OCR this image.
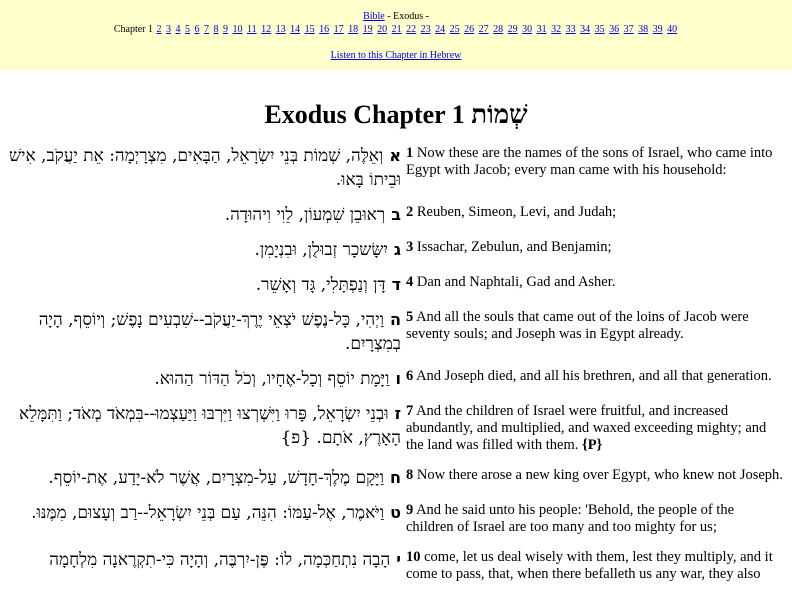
Bible - Exodus -
Chapter 1 2 3 4 5 6 7 8 9 10 11 12 13 14 15 16 17 18 19 20 21 22 23 24 25 26 27 28 29 30 31 32 33 34 35 36 37 38 39 40
Listen to this Chapter in Hebrew
Exodus Chapter 1 שְׁמוֹת
אוְאֵלֶּה, שְׁמוֹת בְּנֵי יִשְׂרָאֵל, הַבָּאִים, מִצְרָיְמָה: אֵת יַעֲקֹב, אִישׁ וּבֵיתוֹ בָּאוּ.	1 Now these are the names of the sons of Israel, who came into Egypt with Jacob; every man came with his household:
ברְאוּבֵן שִׁמְעוֹן, לֵוִי וִיהוּדָה.	2 Reuben, Simeon, Levi, and Judah;
גיִשָּׂשכָר זְבוּלֻן, וּבִנְיָמִן.	3 Issachar, Zebulun, and Benjamin;
דדָּן וְנַפְתָּלִי, גָּד וְאָשֵׁר.	4 Dan and Naphtali, Gad and Asher.
הוַיְהִי, כָּל-נֶפֶשׁ יֹצְאֵי יֶרֶךְ-יַעֲקֹב--שִׁבְעִים נָפֶשׁ; וְיוֹסֵף, הָיָה בְמִצְרָיִם.	5 And all the souls that came out of the loins of Jacob were seventy souls; and Joseph was in Egypt already.
ווַיָּמָת יוֹסֵף וְכָל-אֶחָיו, וְכֹל הַדּוֹר הַהוּא.	6 And Joseph died, and all his brethren, and all that generation.
זוּבְנֵי יִשְׂרָאֵל, פָּרוּ וַיִּשְׁרְצוּ וַיִּרְבּוּ וַיַּעַצְמוּ--בִּמְאֹד מְאֹד; וַתִּמָּלֵא הָאָרֶץ, אֹתָם. {פ}	7 And the children of Israel were fruitful, and increased abundantly, and multiplied, and waxed exceeding mighty; and the land was filled with them. {P}
חוַיָּקָם מֶלֶךְ-חָדָשׁ, עַל-מִצְרָיִם, אֲשֶׁר לֹא-יָדַע, אֶת-יוֹסֵף.	8 Now there arose a new king over Egypt, who knew not Joseph.
טוַיֹּאמֶר, אֶל-עַמּוֹ: הִנֵּה, עַם בְּנֵי יִשְׂרָאֵל--רַב וְעָצוּם, מִמֶּנּוּ.	9 And he said unto his people: 'Behold, the people of the children of Israel are too many and too mighty for us;
יהָבָה נִתְחַכְּמָה, לוֹ: פֶּן-יִרְבֶּה, וְהָיָה כִּי-תִקְרֶאנָה מִלְחָמָה	10 come, let us deal wisely with them, lest they multiply, and it come to pass, that, when there befalleth us any war, they also
